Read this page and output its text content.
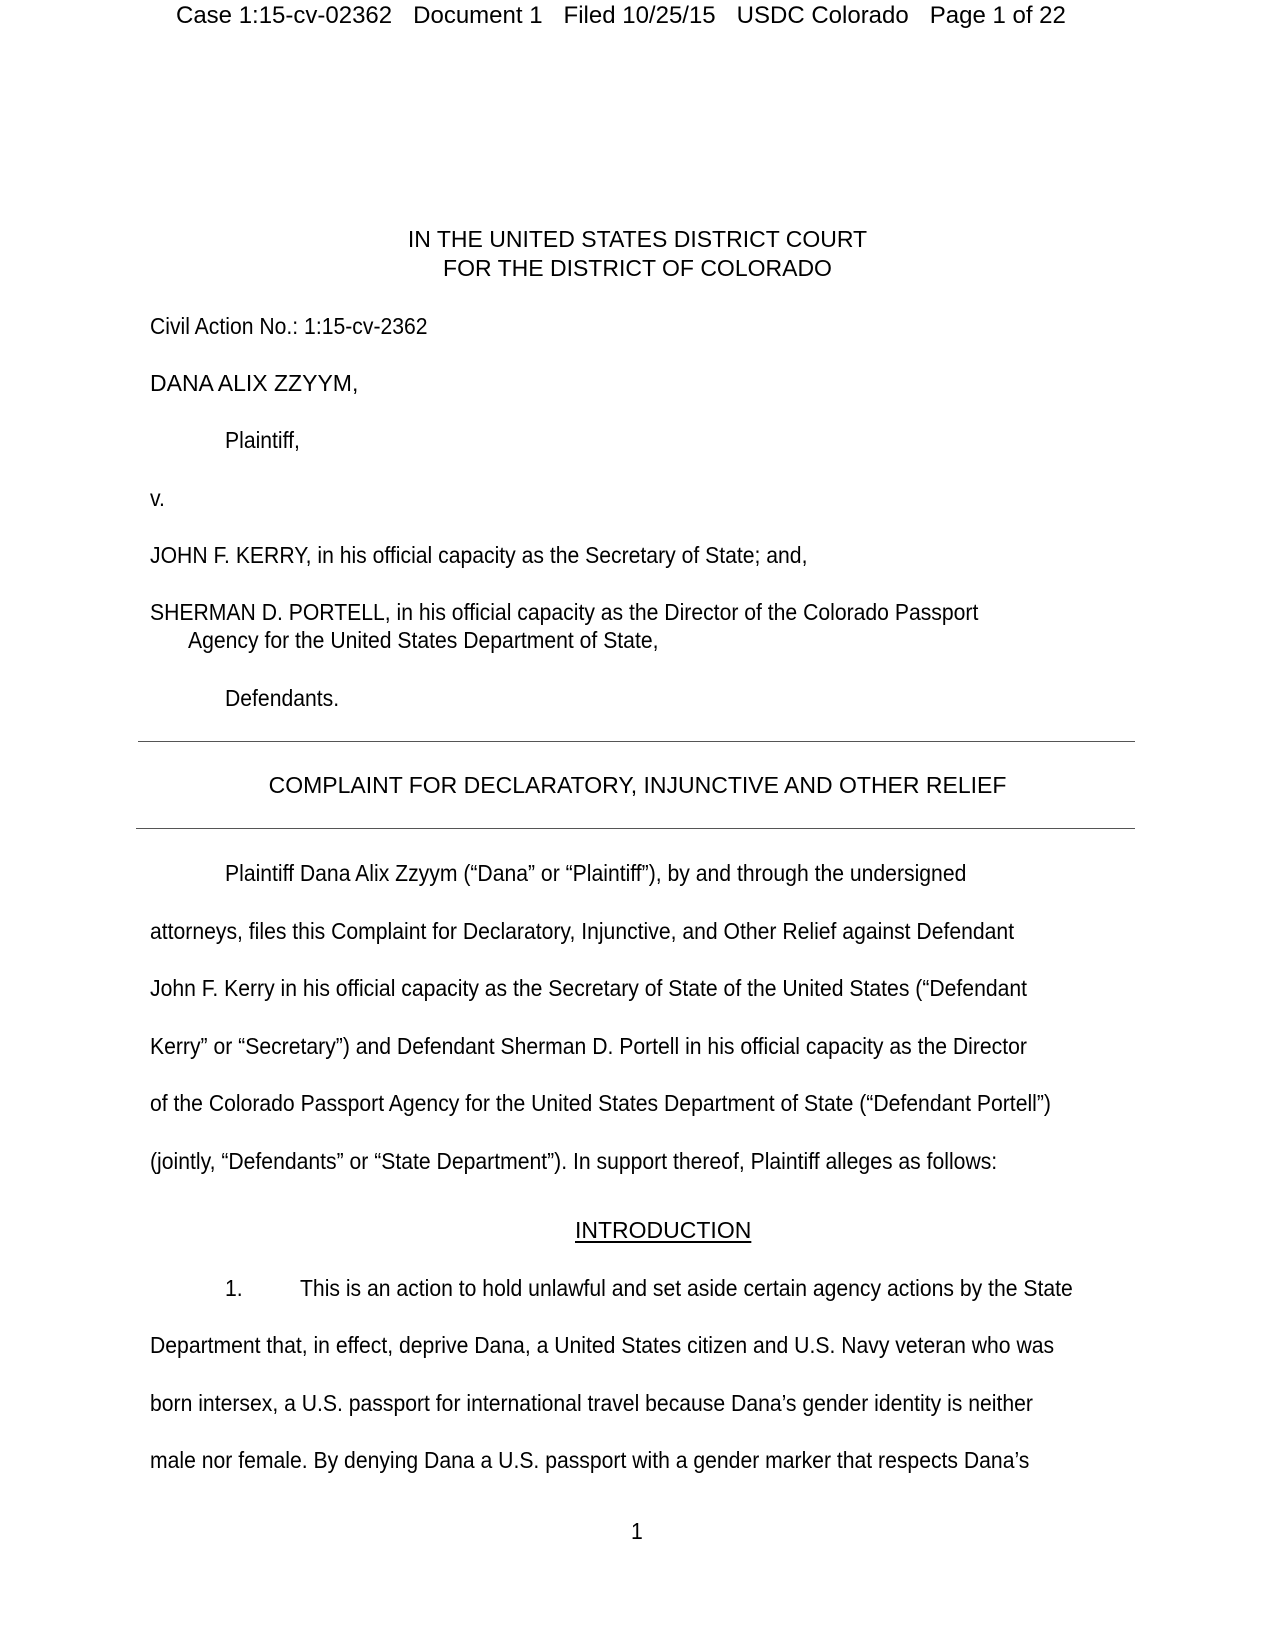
Case 1:15-cv-02362 Document 1 Filed 10/25/15 USDC Colorado Page 1 of 22
IN THE UNITED STATES DISTRICT COURT
FOR THE DISTRICT OF COLORADO
Civil Action No.: 1:15-cv-2362
DANA ALIX ZZYYM,
Plaintiff,
v.
JOHN F. KERRY, in his official capacity as the Secretary of State; and,
SHERMAN D. PORTELL, in his official capacity as the Director of the Colorado Passport
Agency for the United States Department of State,
Defendants.
COMPLAINT FOR DECLARATORY, INJUNCTIVE AND OTHER RELIEF
Plaintiff Dana Alix Zzyym (“Dana” or “Plaintiff”), by and through the undersigned
attorneys, files this Complaint for Declaratory, Injunctive, and Other Relief against Defendant
John F. Kerry in his official capacity as the Secretary of State of the United States (“Defendant
Kerry” or “Secretary”) and Defendant Sherman D. Portell in his official capacity as the Director
of the Colorado Passport Agency for the United States Department of State (“Defendant Portell”)
(jointly, “Defendants” or “State Department”). In support thereof, Plaintiff alleges as follows:
INTRODUCTION
1. This is an action to hold unlawful and set aside certain agency actions by the State
Department that, in effect, deprive Dana, a United States citizen and U.S. Navy veteran who was
born intersex, a U.S. passport for international travel because Dana’s gender identity is neither
male nor female. By denying Dana a U.S. passport with a gender marker that respects Dana’s
1
